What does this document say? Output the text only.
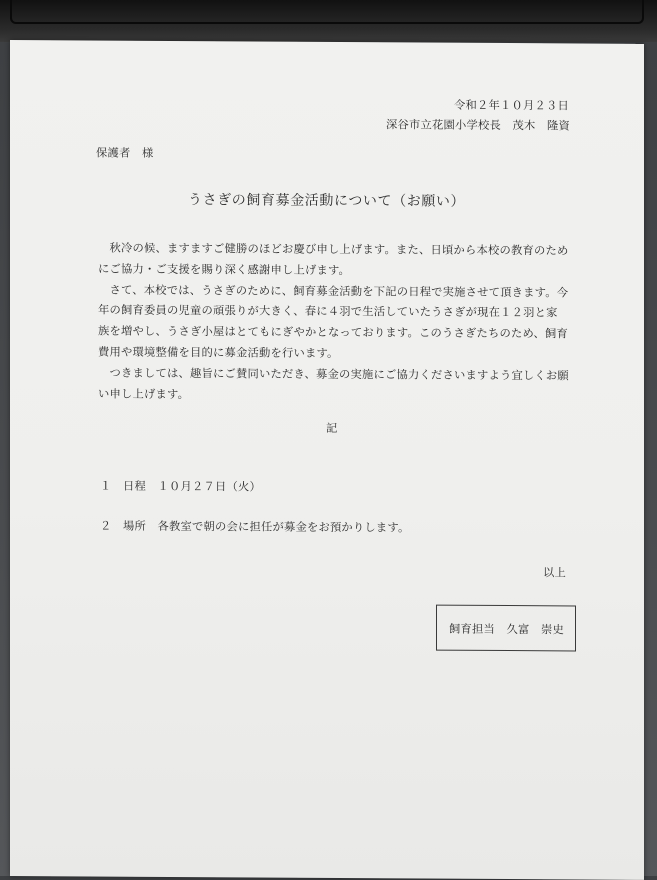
令和２年１０月２３日
深谷市立花園小学校長　茂木　隆資
保護者　様
うさぎの飼育募金活動について（お願い）

　秋冷の候、ますますご健勝のほどお慶び申し上げます。また、日頃から本校の教育のため

にご協力・ご支援を賜り深く感謝申し上げます。

　さて、本校では、うさぎのために、飼育募金活動を下記の日程で実施させて頂きます。今

年の飼育委員の児童の頑張りが大きく、春に４羽で生活していたうさぎが現在１２羽と家

族を増やし、うさぎ小屋はとてもにぎやかとなっております。このうさぎたちのため、飼育

費用や環境整備を目的に募金活動を行います。

　つきましては、趣旨にご賛同いただき、募金の実施にご協力くださいますよう宜しくお願

い申し上げます。

記
１　日程　１０月２７日（火）
２　場所　各教室で朝の会に担任が募金をお預かりします。
以上
飼育担当　久富　崇史
